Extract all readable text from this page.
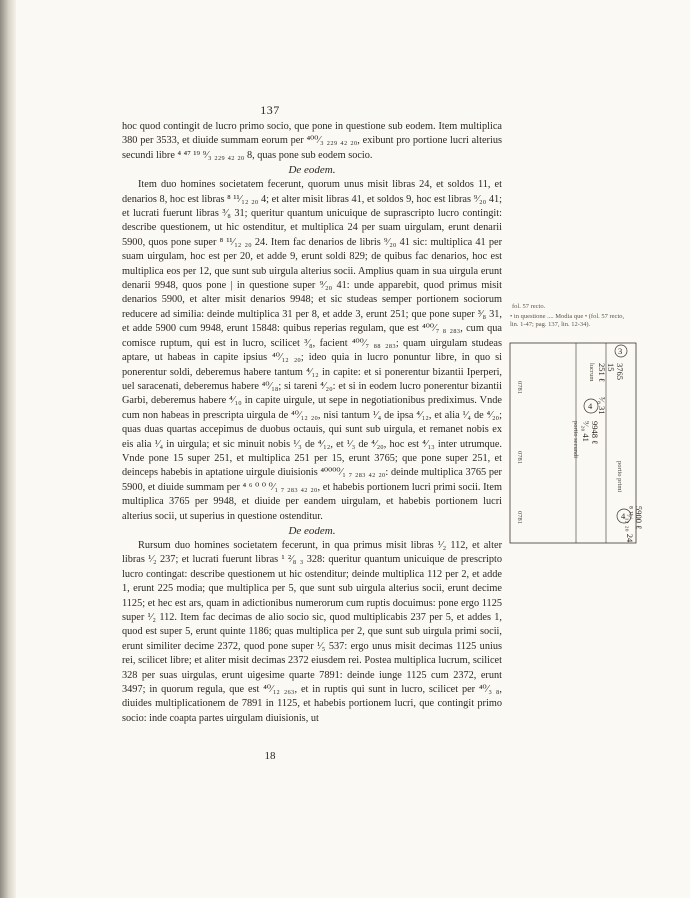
137

hoc quod contingit de lucro primo socio, que pone in questione sub eodem. Item multiplica 380 per 3533, et diuide summam eorum per ⁴⁰⁰⁄₃ ₂₂₉ ₄₂ ₂₀, exibunt pro portione lucri alterius secundi libre ⁴ ⁴⁷ ¹⁹ ⁹⁄₃ ₂₂₉ ₄₂ ₂₀ 8, quas pone sub eodem socio.

De eodem.

Item duo homines societatem fecerunt, quorum unus misit libras 24, et soldos 11, et denarios 8, hoc est libras ⁸ ¹¹⁄₁₂ ₂₀ 4; et alter misit libras 41, et soldos 9, hoc est libras ⁹⁄₂₀ 41; et lucrati fuerunt libras ³⁄₈ 31; queritur quantum unicuique de suprascripto lucro contingit: describe questionem, ut hic ostenditur, et multiplica 24 per suam uirgulam, erunt denarii 5900, quos pone super ⁸ ¹¹⁄₁₂ ₂₀ 24. Item fac denarios de libris ⁹⁄₂₀ 41 sic: multiplica 41 per suam uirgulam, hoc est per 20, et adde 9, erunt soldi 829; de quibus fac denarios, hoc est multiplica eos per 12, que sunt sub uirgula alterius socii. Amplius quam in sua uirgula erunt denarii 9948, quos pone | in questione super ⁹⁄₂₀ 41: unde apparebit, quod primus misit denarios 5900, et alter misit denarios 9948; et sic studeas semper portionem sociorum reducere ad similia: deinde multiplica 31 per 8, et adde 3, erunt 251; que pone super ³⁄₈ 31, et adde 5900 cum 9948, erunt 15848: quibus reperias regulam, que est ⁴⁰⁰⁄₇ ₈ ₂₈₃, cum qua comisce ruptum, qui est in lucro, scilicet ³⁄₈, facient ⁴⁰⁰⁄₇ ₈₈ ₂₈₃; quam uirgulam studeas aptare, ut habeas in capite ipsius ⁴⁰⁄₁₂ ₂₀; ideo quia in lucro ponuntur libre, in quo si ponerentur soldi, deberemus habere tantum ⁴⁄₁₂ in capite: et si ponerentur bizantii Iperperi, uel saracenati, deberemus habere ⁴⁰⁄₁₈; si tareni ⁴⁄₂₀: et si in eodem lucro ponerentur bizantii Garbi, deberemus habere ⁴⁄₁₀ in capite uirgule, ut sepe in negotiationibus prediximus. Vnde cum non habeas in prescripta uirgula de ⁴⁰⁄₁₂ ₂₀, nisi tantum ¹⁄₄ de ipsa ⁴⁄₁₂, et alia ¹⁄₄ de ⁴⁄₂₀; quas duas quartas accepimus de duobus octauis, qui sunt sub uirgula, et remanet nobis ex eis alia ¹⁄₄ in uirgula; et sic minuit nobis ¹⁄₃ de ⁴⁄₁₂, et ¹⁄₃ de ⁴⁄₂₀, hoc est ⁴⁄₁₃ inter utrumque. Vnde pone 15 super 251, et multiplica 251 per 15, erunt 3765; que pone super 251, et deinceps habebis in aptatione uirgule diuisionis ⁴⁰⁰⁰⁰⁄₁ ₇ ₂₈₃ ₄₂ ₂₀: deinde multiplica 3765 per 5900, et diuide summam per ⁴ ⁶ ⁰ ⁰ ⁰⁄₁ ₇ ₂₈₃ ₄₂ ₂₀, et habebis portionem lucri primi socii. Item multiplica 3765 per 9948, et diuide per eandem uirgulam, et habebis portionem lucri alterius socii, ut superius in questione ostenditur.

De eodem.

Rursum duo homines societatem fecerunt, in qua primus misit libras ¹⁄₂ 112, et alter libras ¹⁄₂ 237; et lucrati fuerunt libras ¹ ²⁄₈ ₃ 328: queritur quantum unicuique de prescripto lucro contingat: describe questionem ut hic ostenditur; deinde multiplica 112 per 2, et adde 1, erunt 225 modia; que multiplica per 5, que sunt sub uirgula alterius socii, erunt decime 1125; et hec est ars, quam in adictionibus numerorum cum ruptis docuimus: pone ergo 1125 super ¹⁄₂ 112. Item fac decimas de alio socio sic, quod multiplicabis 237 per 5, et addes 1, quod est super 5, erunt quinte 1186; quas multiplica per 2, que sunt sub uirgula primi socii, erunt similiter decime 2372, quod pone super ¹⁄₅ 537: ergo unus misit decimas 1125 unius rei, scilicet libre; et aliter misit decimas 2372 eiusdem rei. Postea multiplica lucrum, scilicet 328 per suas uirgulas, erunt uigesime quarte 7891: deinde iunge 1125 cum 2372, erunt 3497; in quorum regula, que est ⁴⁰⁄₁₂ ₂₆₃, et in ruptis qui sunt in lucro, scilicet per ⁴⁰⁄₃ ₈, diuides multiplicationem de 7891 in 1125, et habebis portionem lucri, que contingit primo socio: inde coapta partes uirgulam diuisionis, ut

fol. 57 recto.
• in questione .... Modia que • (fol. 57 recto, lin. 1-47; pag. 137, lin. 12-34).
3
4
4
3765
15
251 ℓ
³⁄₈ 31
lucrum
9948 ℓ
⁹⁄₂₀ 41
portio secundi
5900 ℓ
⁸ ¹¹⁄₁₂ ₂₀ 24
portio primi
0781
0781
0781
18
